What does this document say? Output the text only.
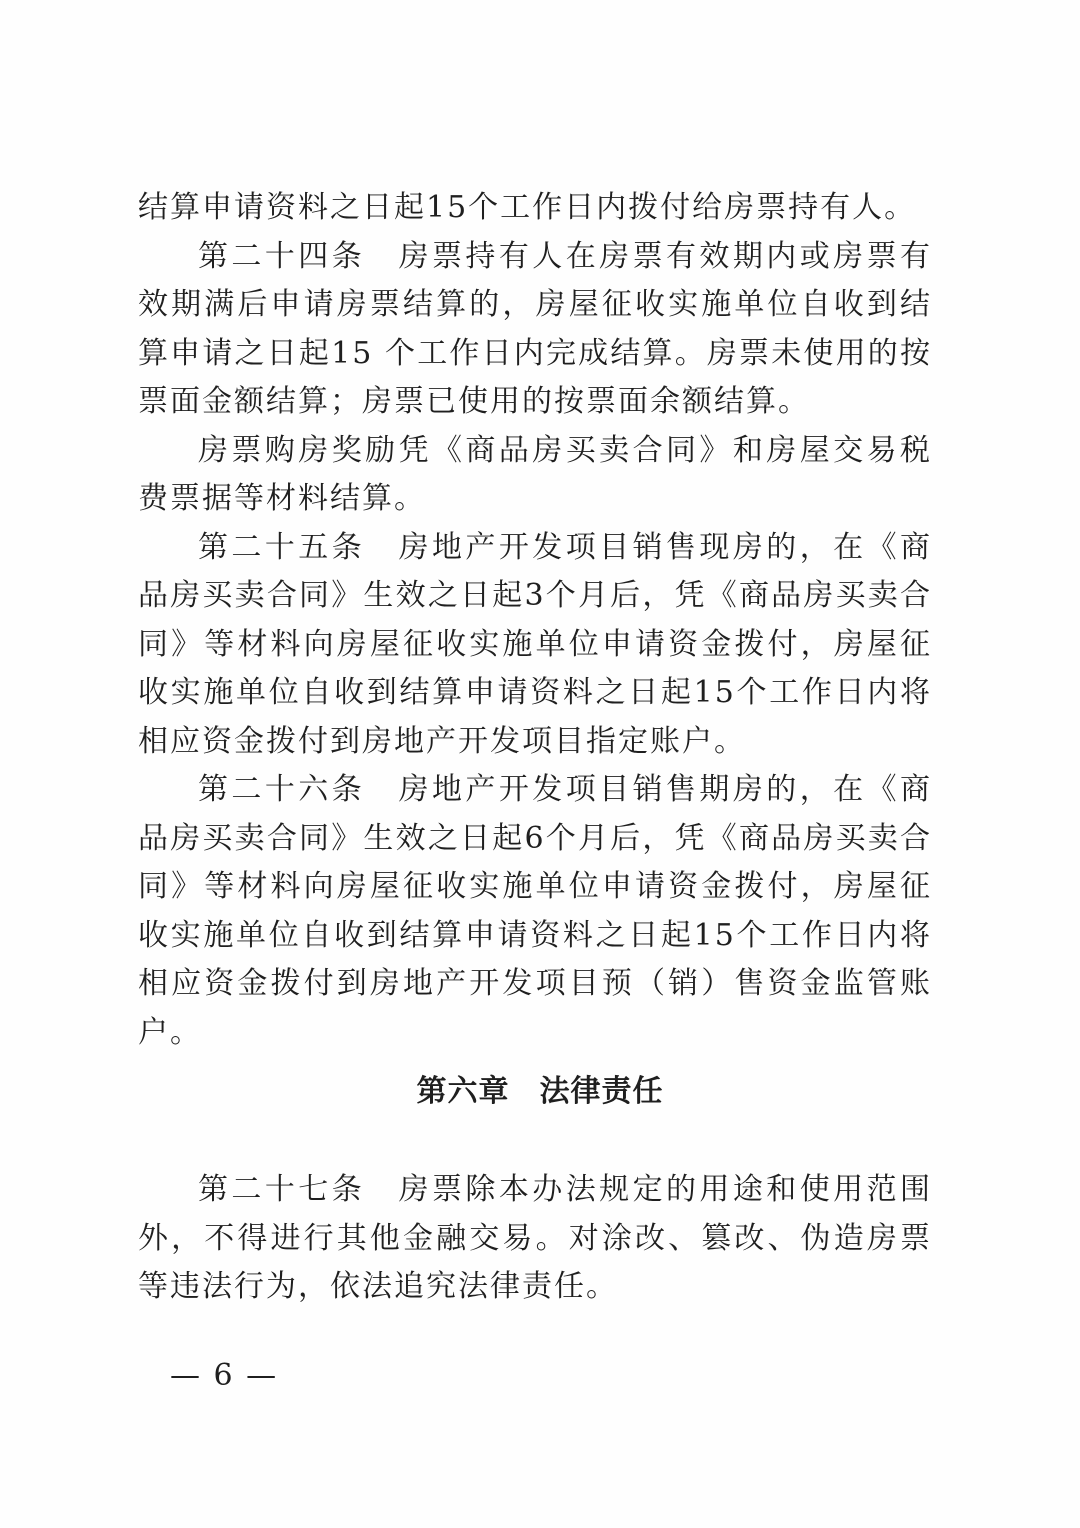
结算申请资料之日起15个工作日内拨付给房票持有人。

第二十四条　房票持有人在房票有效期内或房票有效期满后申请房票结算的，房屋征收实施单位自收到结算申请之日起15 个工作日内完成结算。房票未使用的按票面金额结算；房票已使用的按票面余额结算。

房票购房奖励凭《商品房买卖合同》和房屋交易税费票据等材料结算。

第二十五条　房地产开发项目销售现房的，在《商品房买卖合同》生效之日起3个月后，凭《商品房买卖合同》等材料向房屋征收实施单位申请资金拨付，房屋征收实施单位自收到结算申请资料之日起15个工作日内将相应资金拨付到房地产开发项目指定账户。

第二十六条　房地产开发项目销售期房的，在《商品房买卖合同》生效之日起6个月后，凭《商品房买卖合同》等材料向房屋征收实施单位申请资金拨付，房屋征收实施单位自收到结算申请资料之日起15个工作日内将相应资金拨付到房地产开发项目预（销）售资金监管账户。

第六章 法律责任

第二十七条　房票除本办法规定的用途和使用范围外，不得进行其他金融交易。对涂改、篡改、伪造房票等违法行为，依法追究法律责任。

— 6 —
